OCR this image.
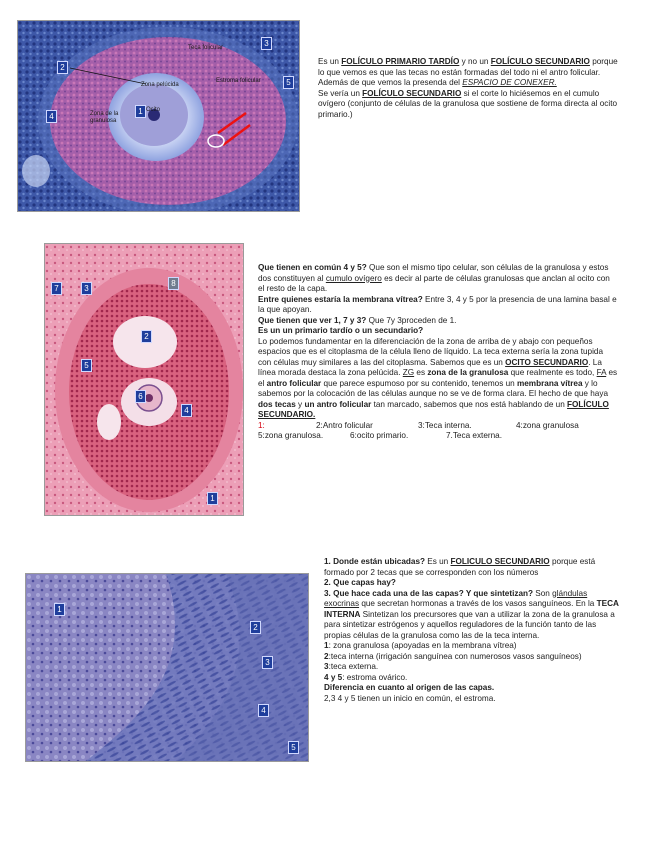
1
2
3
4
5
Teca folicular
Zona pelúcida
Estroma folicular
Zona de la granulosa
Ocito

Es un FOLÍCULO PRIMARIO TARDÍO y no un FOLÍCULO SECUNDARIO porque lo que vemos es que las tecas no están formadas del todo ni el antro folicular. Además de que vemos la presenda del ESPACIO DE CONEXER.

Se vería un FOLÍCULO SECUNDARIO si el corte lo hiciésemos en el cumulo ovígero (conjunto de células de la granulosa que sostiene de forma directa al ocito primario.)

7	3
8
2
5
6
4
1

Que tienen en común 4 y 5? Que son el mismo tipo celular, son células de la granulosa y estos dos constituyen al cumulo ovígero es decir al parte de células granulosas que anclan al ocito con el resto de la capa.

Entre quienes estaría la membrana vítrea? Entre 3, 4 y 5 por la presencia de una lamina basal e la que apoyan.

Que tienen que ver 1, 7 y 3? Que 7y 3proceden de 1.

Es un un primario tardío o un secundario?

Lo podemos fundamentar en la diferenciación de la zona de arriba de y abajo con pequeños espacios que es el citoplasma de la célula lleno de líquido. La teca externa sería la zona tupida con células muy similares a las del citoplasma. Sabemos que es un OCITO SECUNDARIO. La línea morada destaca la zona pelúcida. ZG es zona de la granulosa que realmente es todo, FA es el antro folicular que parece espumoso por su contenido, tenemos un membrana vítrea y lo sabemos por la colocación de las células aunque no se ve de forma clara. El hecho de que haya dos tecas y un antro folicular tan marcado, sabemos que nos está hablando de un FOLÍCULO SECUNDARIO.

1:	2:Antro folicular	3:Teca interna.	4:zona granulosa
5:zona granulosa.	6:ocito primario.	7.Teca externa.
1
2
3
4
5

1. Donde están ubicadas? Es un FOLICULO SECUNDARIO porque está formado por 2 tecas que se corresponden con los números

2. Que capas hay?

3. Que hace cada una de las capas? Y que sintetizan? Son glándulas exocrinas que secretan hormonas a través de los vasos sanguíneos. En la TECA INTERNA Sintetizan los precursores que van a utilizar la zona de la granulosa a para sintetizar estrógenos y aquellos reguladores de la función tanto de las propias células de la granulosa como las de la teca interna.

1: zona granulosa (apoyadas en la membrana vítrea)

2:teca interna (irrigación sanguínea con numerosos vasos sanguíneos)

3:teca externa.

4 y 5: estroma ovárico.

Diferencia en cuanto al origen de las capas.

2,3 4 y 5 tienen un inicio en común, el estroma.
